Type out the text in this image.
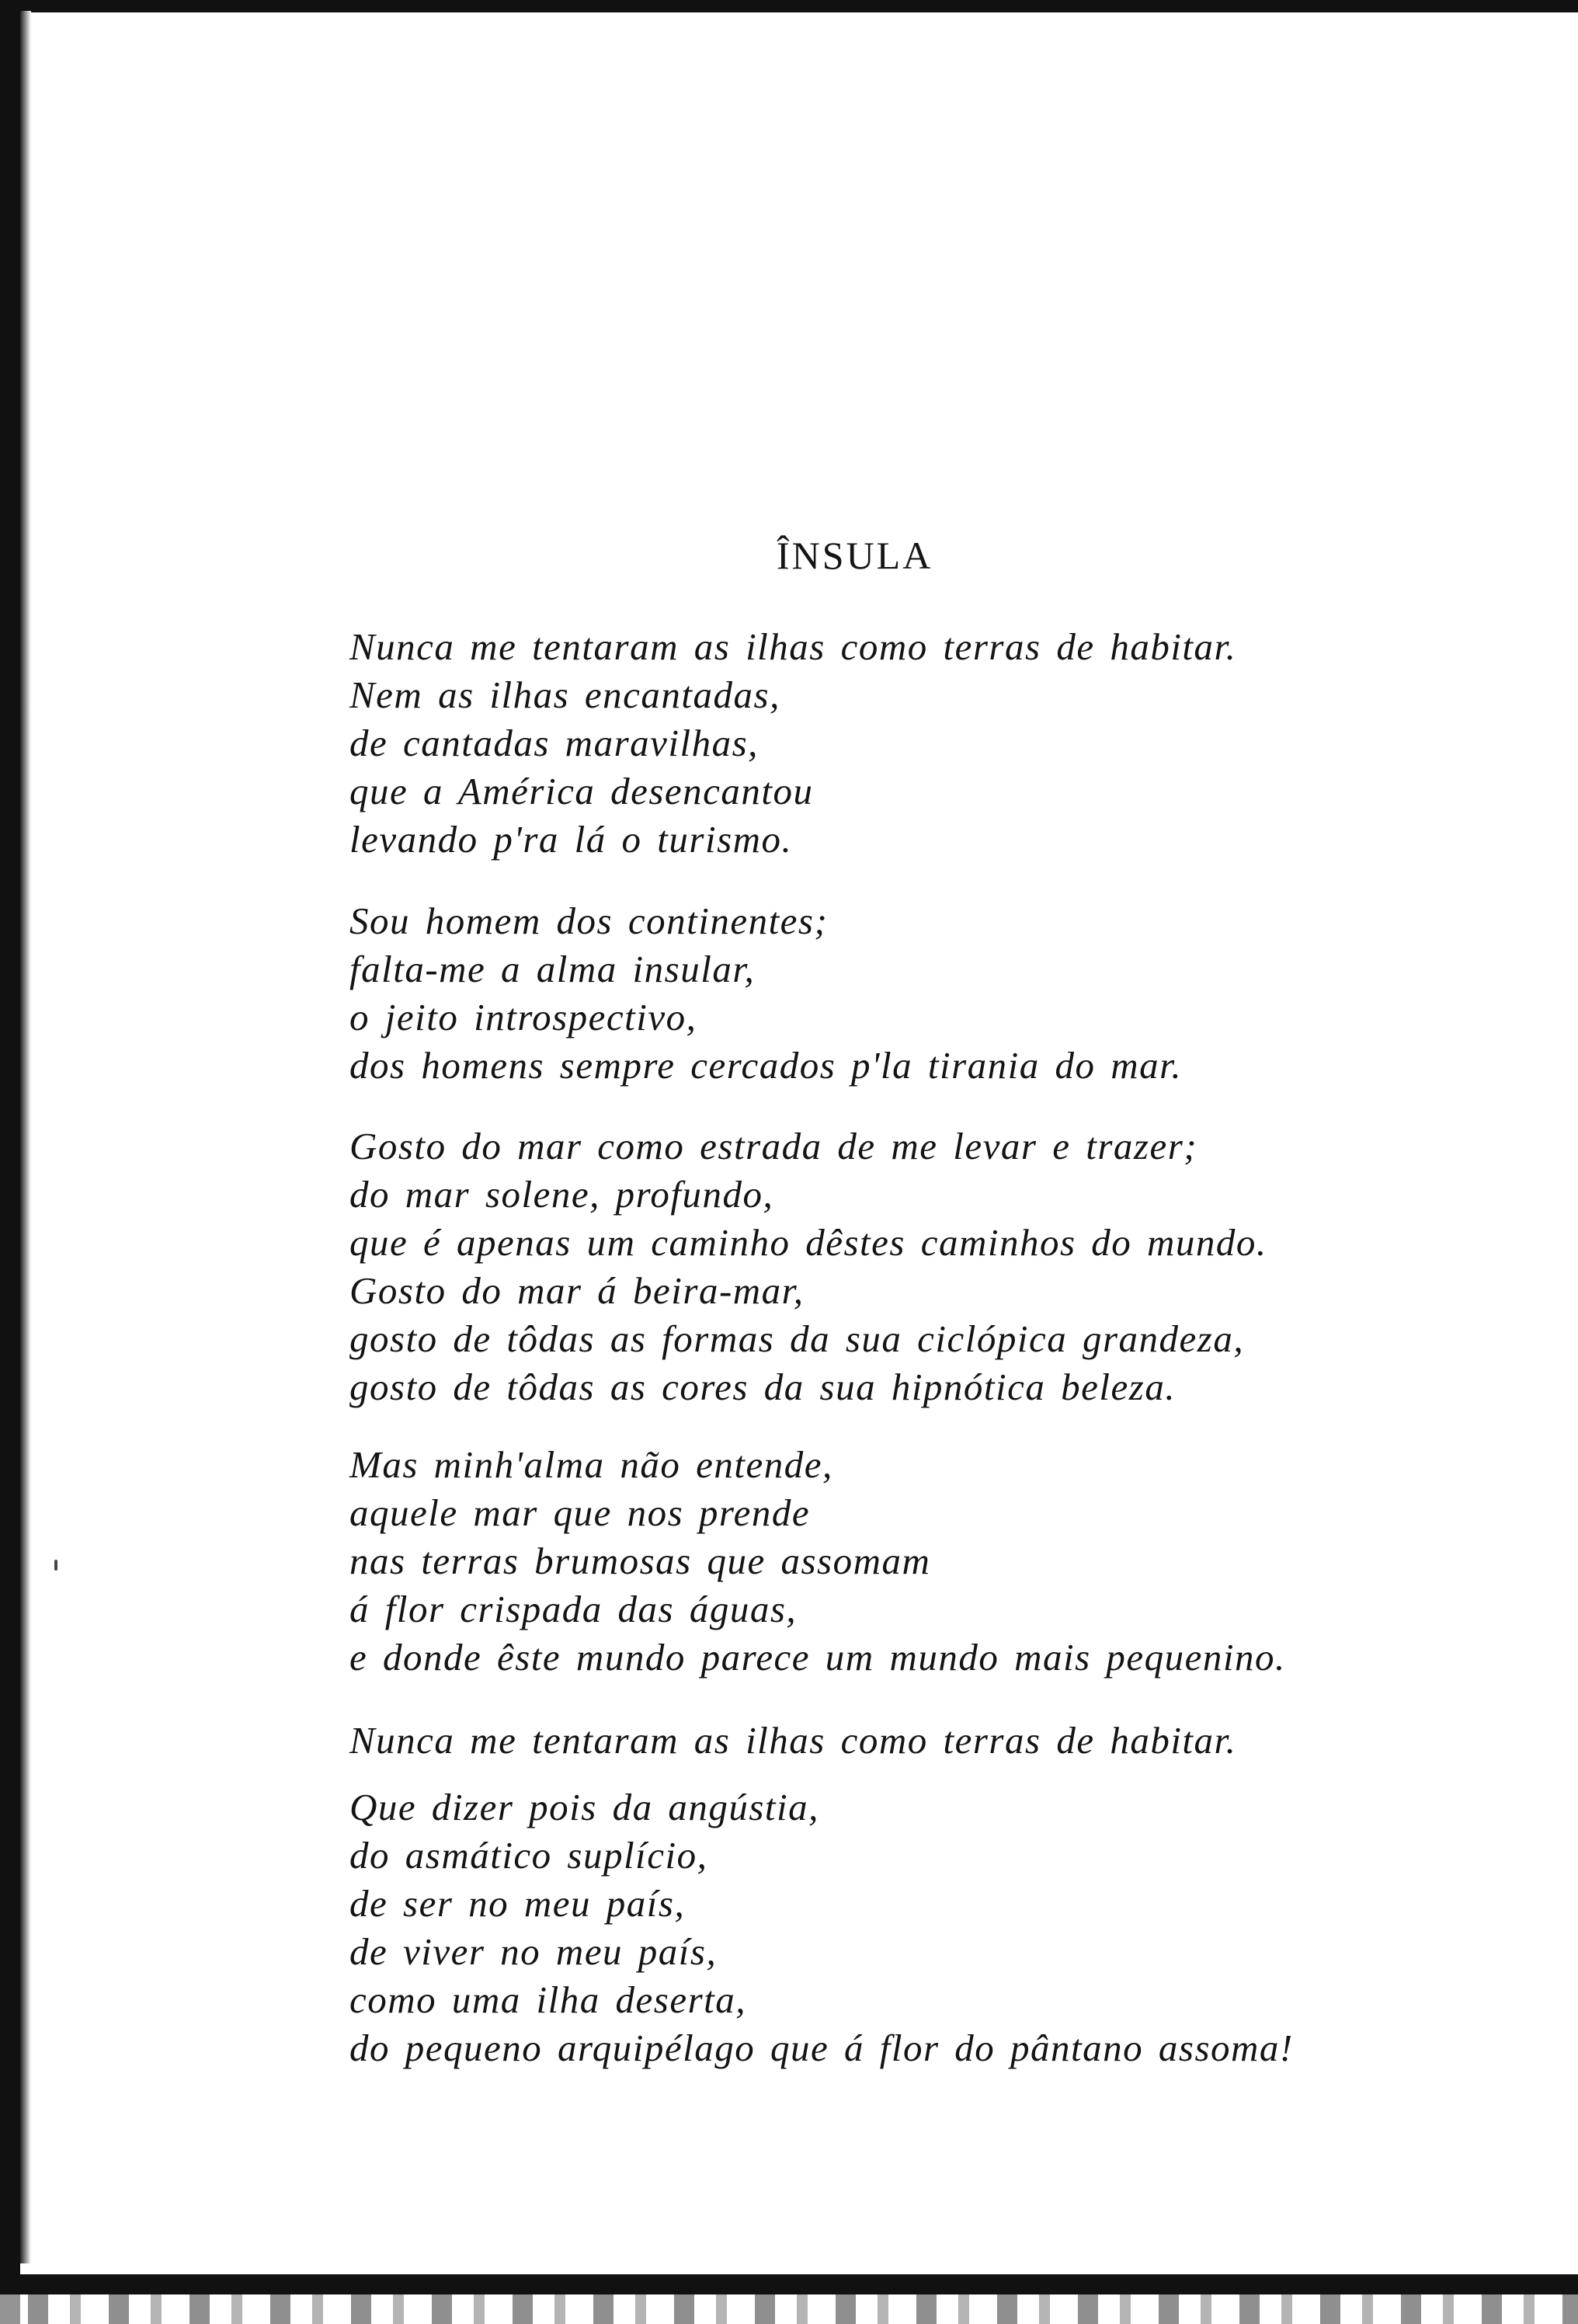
ÎNSULA
Nunca me tentaram as ilhas como terras de habitar.
Nem as ilhas encantadas,
de cantadas maravilhas,
que a América desencantou
levando p'ra lá o turismo.
Sou homem dos continentes;
falta-me a alma insular,
o jeito introspectivo,
dos homens sempre cercados p'la tirania do mar.
Gosto do mar como estrada de me levar e trazer;
do mar solene, profundo,
que é apenas um caminho dêstes caminhos do mundo.
Gosto do mar á beira-mar,
gosto de tôdas as formas da sua ciclópica grandeza,
gosto de tôdas as cores da sua hipnótica beleza.
Mas minh'alma não entende,
aquele mar que nos prende
nas terras brumosas que assomam
á flor crispada das águas,
e donde êste mundo parece um mundo mais pequenino.
Nunca me tentaram as ilhas como terras de habitar.
Que dizer pois da angústia,
do asmático suplício,
de ser no meu país,
de viver no meu país,
como uma ilha deserta,
do pequeno arquipélago que á flor do pântano assoma!
